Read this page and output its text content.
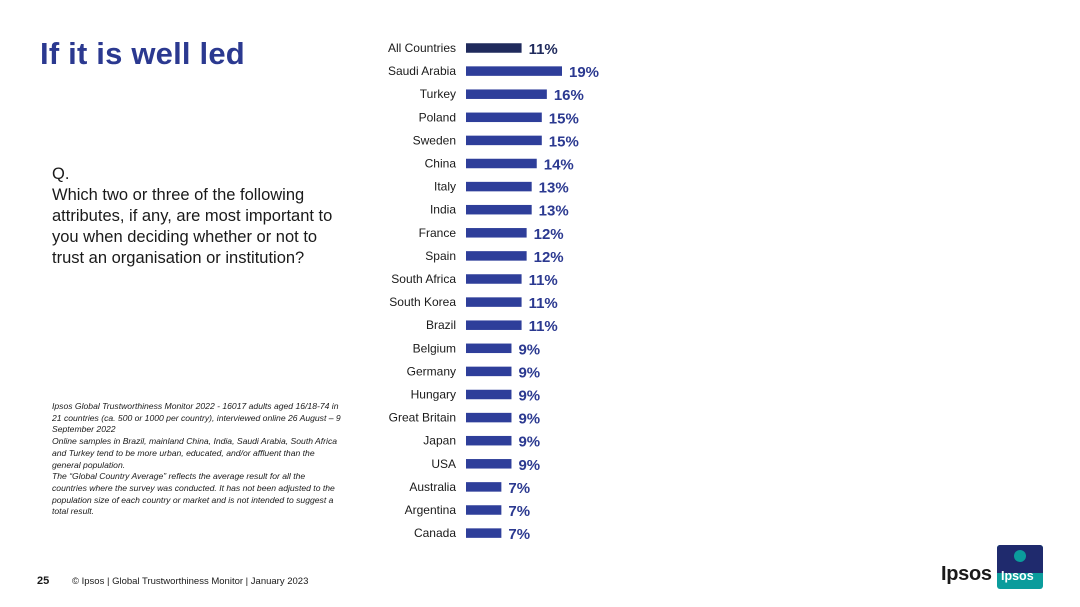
If it is well led
Q.
Which two or three of the following attributes, if any, are most important to you when deciding whether or not to trust an organisation or institution?

Ipsos Global Trustworthiness Monitor 2022 - 16017 adults aged 16/18-74 in 21 countries (ca. 500 or 1000 per country), interviewed online 26 August – 9 September 2022

Online samples in Brazil, mainland China, India, Saudi Arabia, South Africa and Turkey tend to be more urban, educated, and/or affluent than the general population.

The “Global Country Average” reflects the average result for all the countries where the survey was conducted. It has not been adjusted to the population size of each country or market and is not intended to suggest a total result.

All Countries	11%
Saudi Arabia	19%
Turkey	16%
Poland	15%
Sweden	15%
China	14%
Italy	13%
India	13%
France	12%
Spain	12%
South Africa	11%
South Korea	11%
Brazil	11%
Belgium	9%
Germany	9%
Hungary	9%
Great Britain	9%
Japan	9%
USA	9%
Australia	7%
Argentina	7%
Canada	7%
25 © Ipsos | Global Trustworthiness Monitor | January 2023	Ipsos Ipsos
